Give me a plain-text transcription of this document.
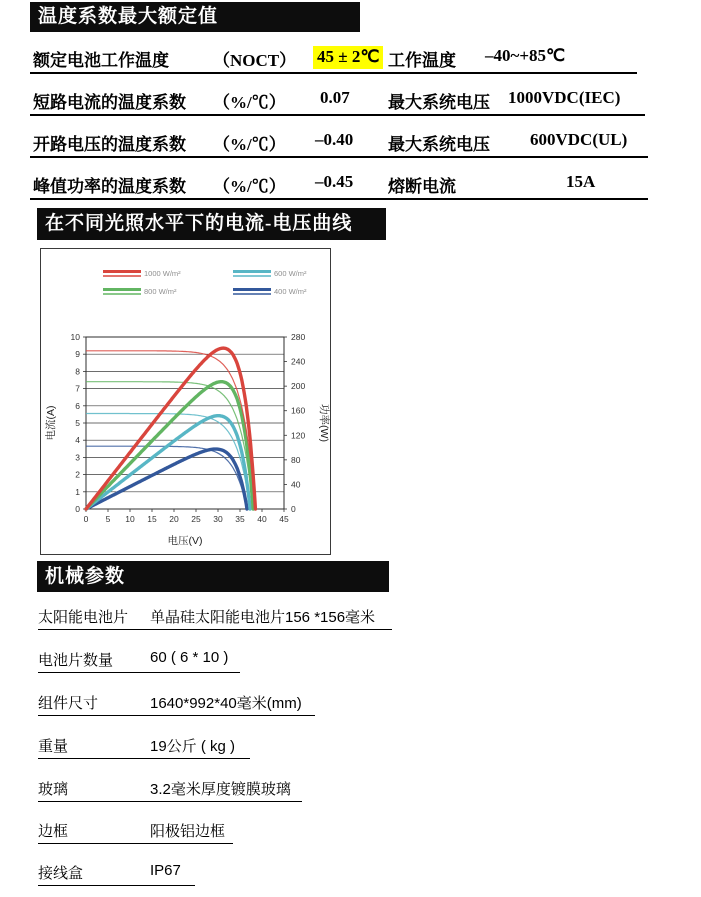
温度系数最大额定值
额定电池工作温度	（NOCT） 45 ± 2℃ 工作温度 –40~+85℃
短路电流的温度系数 （%/℃） 0.07 最大系统电压 1000VDC(IEC)
开路电压的温度系数 （%/℃） –0.40 最大系统电压 600VDC(UL)
峰值功率的温度系数 （%/℃） –0.45 熔断电流	15A
在不同光照水平下的电流-电压曲线
1000 W/m²	600 W/m²
800 W/m²	400 W/m²
0 5 10 15 20 25 30 35 40 45
0
1
2
3
4
5
6
7
8
9
10
0
40
80
120
160
200
240
280
电压(V)
电流(A)	功率(W)
机械参数
太阳能电池片 单晶硅太阳能电池片156 *156毫米
电池片数量 60 ( 6 * 10 )
组件尺寸	1640*992*40毫米(mm)
重量	19公斤 ( kg )
玻璃	3.2毫米厚度镀膜玻璃
边框	阳极铝边框
接线盒	IP67
